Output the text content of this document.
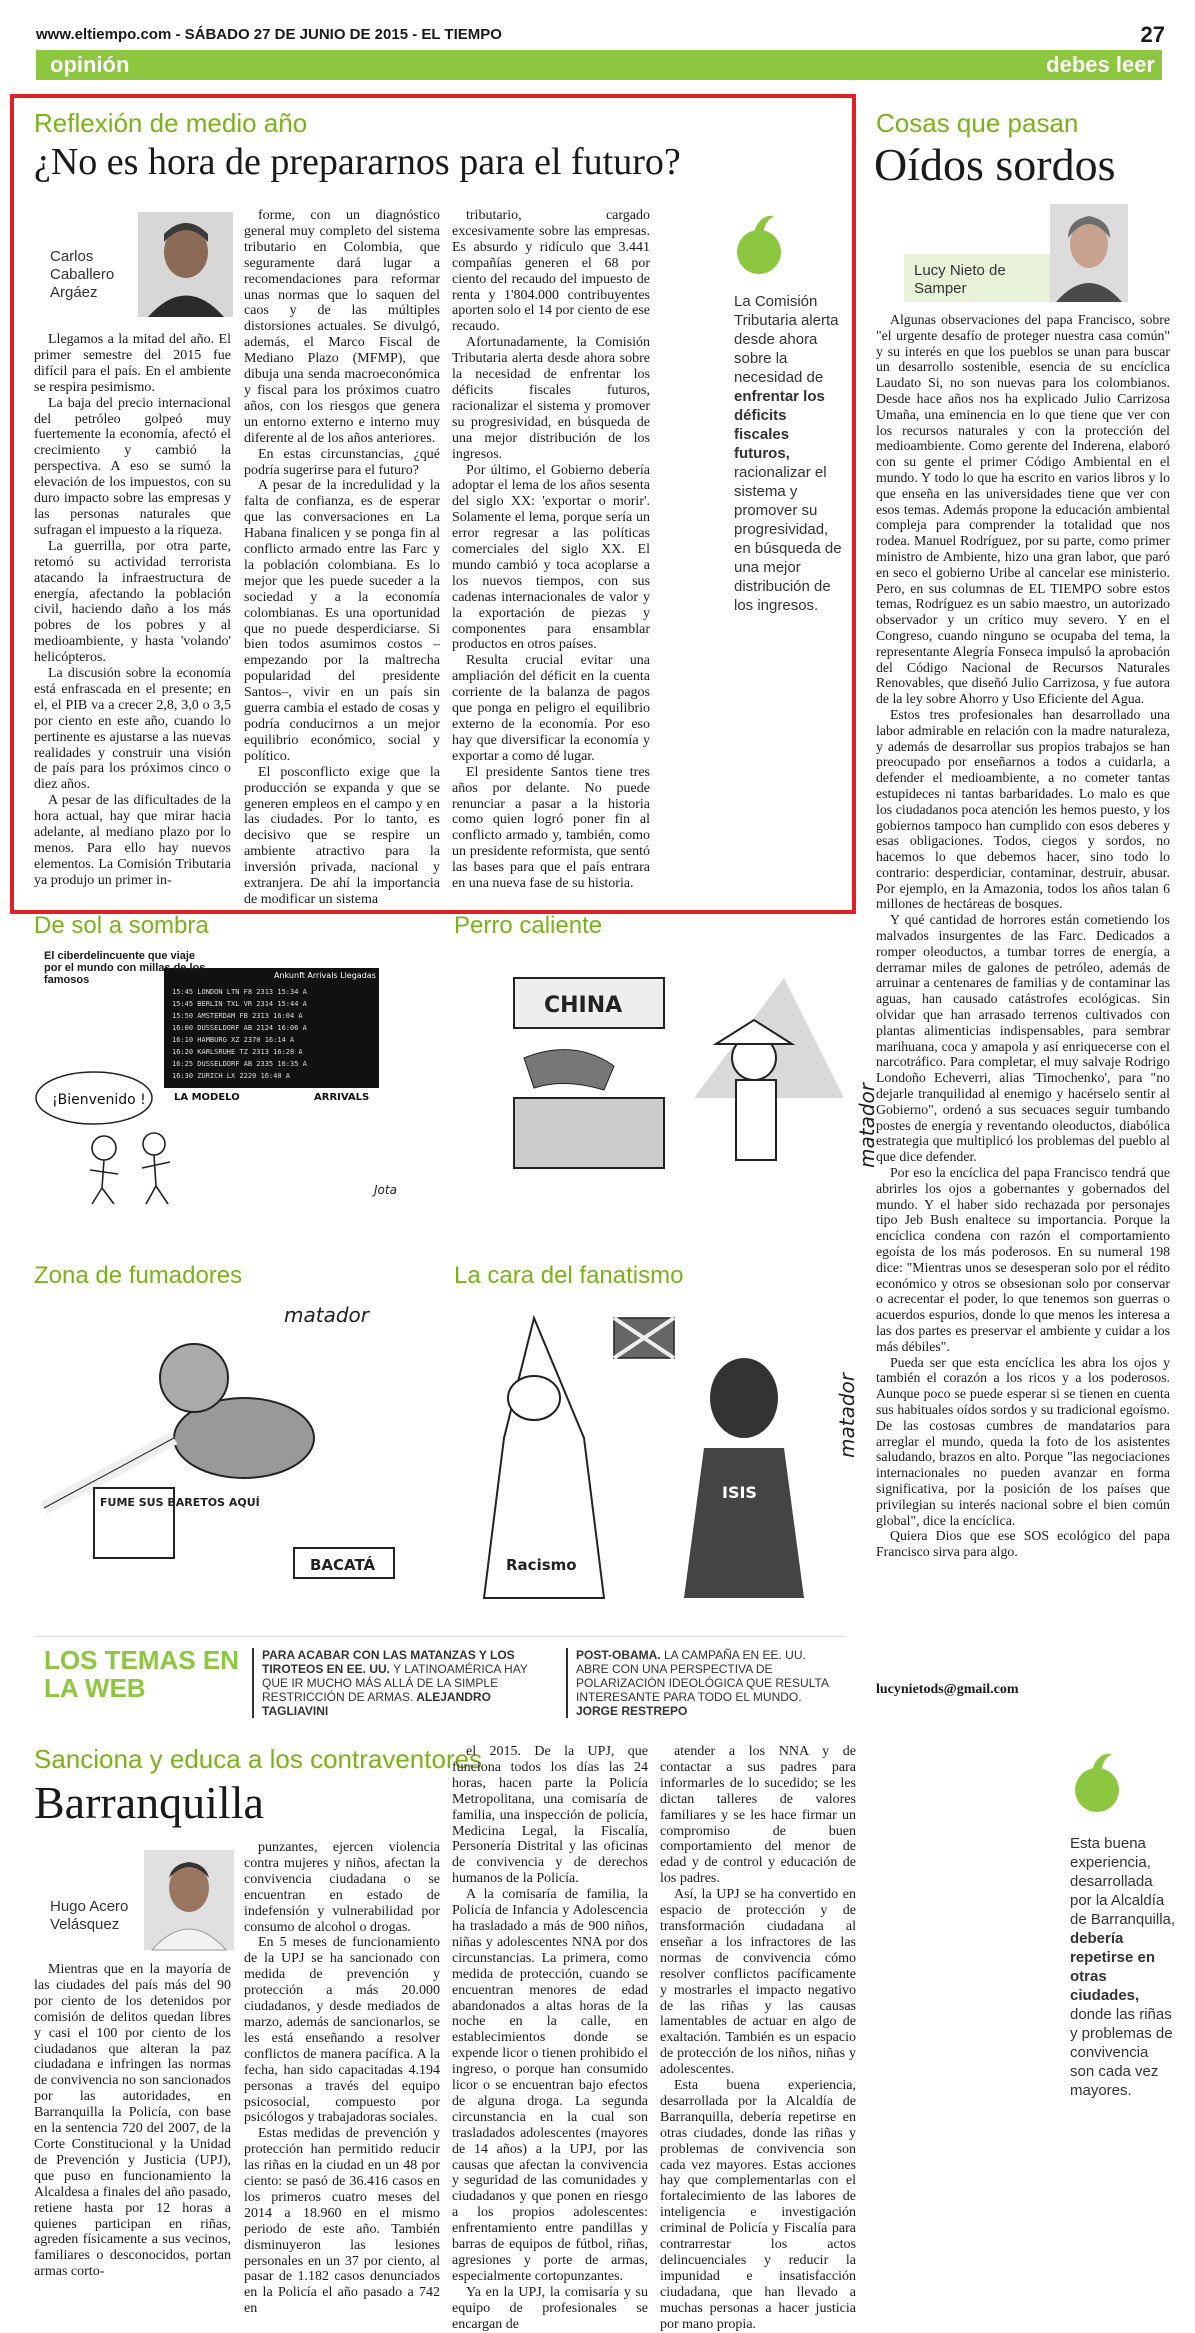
www.eltiempo.com - SÁBADO 27 DE JUNIO DE 2015 - EL TIEMPO	27
opinión	debes leer
Reflexión de medio año
¿No es hora de prepararnos para el futuro?
Carlos Caballero Argáez

Llegamos a la mitad del año. El primer semestre del 2015 fue difícil para el país. En el ambiente se respira pesimismo.

La baja del precio internacional del petróleo golpeó muy fuertemente la economía, afectó el crecimiento y cambió la perspectiva. A eso se sumó la elevación de los impuestos, con su duro impacto sobre las empresas y las personas naturales que sufragan el impuesto a la riqueza.

La guerrilla, por otra parte, retomó su actividad terrorista atacando la infraestructura de energía, afectando la población civil, haciendo daño a los más pobres de los pobres y al medioambiente, y hasta 'volando' helicópteros.

La discusión sobre la economía está enfrascada en el presente; en el, el PIB va a crecer 2,8, 3,0 o 3,5 por ciento en este año, cuando lo pertinente es ajustarse a las nuevas realidades y construir una visión de país para los próximos cinco o diez años.

A pesar de las dificultades de la hora actual, hay que mirar hacia adelante, al mediano plazo por lo menos. Para ello hay nuevos elementos. La Comisión Tributaria ya produjo un primer in-

forme, con un diagnóstico general muy completo del sistema tributario en Colombia, que seguramente dará lugar a recomendaciones para reformar unas normas que lo saquen del caos y de las múltiples distorsiones actuales. Se divulgó, además, el Marco Fiscal de Mediano Plazo (MFMP), que dibuja una senda macroeconómica y fiscal para los próximos cuatro años, con los riesgos que genera un entorno externo e interno muy diferente al de los años anteriores.

En estas circunstancias, ¿qué podría sugerirse para el futuro?

A pesar de la incredulidad y la falta de confianza, es de esperar que las conversaciones en La Habana finalicen y se ponga fin al conflicto armado entre las Farc y la población colombiana. Es lo mejor que les puede suceder a la sociedad y a la economía colombianas. Es una oportunidad que no puede desperdiciarse. Si bien todos asumimos costos –empezando por la maltrecha popularidad del presidente Santos–, vivir en un país sin guerra cambia el estado de cosas y podría conducirnos a un mejor equilibrio económico, social y político.

El posconflicto exige que la producción se expanda y que se generen empleos en el campo y en las ciudades. Por lo tanto, es decisivo que se respire un ambiente atractivo para la inversión privada, nacional y extranjera. De ahí la importancia de modificar un sistema

tributario, cargado excesivamente sobre las empresas. Es absurdo y ridículo que 3.441 compañías generen el 68 por ciento del recaudo del impuesto de renta y 1'804.000 contribuyentes aporten solo el 14 por ciento de ese recaudo.

Afortunadamente, la Comisión Tributaria alerta desde ahora sobre la necesidad de enfrentar los déficits fiscales futuros, racionalizar el sistema y promover su progresividad, en búsqueda de una mejor distribución de los ingresos.

Por último, el Gobierno debería adoptar el lema de los años sesenta del siglo XX: 'exportar o morir'. Solamente el lema, porque sería un error regresar a las políticas comerciales del siglo XX. El mundo cambió y toca acoplarse a los nuevos tiempos, con sus cadenas internacionales de valor y la exportación de piezas y componentes para ensamblar productos en otros países.

Resulta crucial evitar una ampliación del déficit en la cuenta corriente de la balanza de pagos que ponga en peligro el equilibrio externo de la economía. Por eso hay que diversificar la economía y exportar a como dé lugar.

El presidente Santos tiene tres años por delante. No puede renunciar a pasar a la historia como quien logró poner fin al conflicto armado y, también, como un presidente reformista, que sentó las bases para que el país entrara en una nueva fase de su historia.

La Comisión Tributaria alerta desde ahora sobre la necesidad de enfrentar los déficits fiscales futuros, racionalizar el sistema y promover su progresividad, en búsqueda de una mejor distribución de los ingresos.
Cosas que pasan
Oídos sordos
Lucy Nieto de Samper

Algunas observaciones del papa Francisco, sobre "el urgente desafío de proteger nuestra casa común" y su interés en que los pueblos se unan para buscar un desarrollo sostenible, esencia de su encíclica Laudato Si, no son nuevas para los colombianos. Desde hace años nos ha explicado Julio Carrizosa Umaña, una eminencia en lo que tiene que ver con los recursos naturales y con la protección del medioambiente. Como gerente del Inderena, elaboró con su gente el primer Código Ambiental en el mundo. Y todo lo que ha escrito en varios libros y lo que enseña en las universidades tiene que ver con esos temas. Además propone la educación ambiental compleja para comprender la totalidad que nos rodea. Manuel Rodríguez, por su parte, como primer ministro de Ambiente, hizo una gran labor, que paró en seco el gobierno Uribe al cancelar ese ministerio. Pero, en sus columnas de EL TIEMPO sobre estos temas, Rodríguez es un sabio maestro, un autorizado observador y un crítico muy severo. Y en el Congreso, cuando ninguno se ocupaba del tema, la representante Alegría Fonseca impulsó la aprobación del Código Nacional de Recursos Naturales Renovables, que diseñó Julio Carrizosa, y fue autora de la ley sobre Ahorro y Uso Eficiente del Agua.

Estos tres profesionales han desarrollado una labor admirable en relación con la madre naturaleza, y además de desarrollar sus propios trabajos se han preocupado por enseñarnos a todos a cuidarla, a defender el medioambiente, a no cometer tantas estupideces ni tantas barbaridades. Lo malo es que los ciudadanos poca atención les hemos puesto, y los gobiernos tampoco han cumplido con esos deberes y esas obligaciones. Todos, ciegos y sordos, no hacemos lo que debemos hacer, sino todo lo contrario: desperdiciar, contaminar, destruir, abusar. Por ejemplo, en la Amazonia, todos los años talan 6 millones de hectáreas de bosques.

Y qué cantidad de horrores están cometiendo los malvados insurgentes de las Farc. Dedicados a romper oleoductos, a tumbar torres de energía, a derramar miles de galones de petróleo, además de arruinar a centenares de familias y de contaminar las aguas, han causado catástrofes ecológicas. Sin olvidar que han arrasado terrenos cultivados con plantas alimenticias indispensables, para sembrar marihuana, coca y amapola y así enriquecerse con el narcotráfico. Para completar, el muy salvaje Rodrigo Londoño Echeverri, alias 'Timochenko', para "no dejarle tranquilidad al enemigo y hacérselo sentir al Gobierno", ordenó a sus secuaces seguir tumbando postes de energía y reventando oleoductos, diabólica estrategia que multiplicó los problemas del pueblo al que dice defender.

Por eso la encíclica del papa Francisco tendrá que abrirles los ojos a gobernantes y gobernados del mundo. Y el haber sido rechazada por personajes tipo Jeb Bush enaltece su importancia. Porque la encíclica condena con razón el comportamiento egoísta de los más poderosos. En su numeral 198 dice: "Mientras unos se desesperan solo por el rédito económico y otros se obsesionan solo por conservar o acrecentar el poder, lo que tenemos son guerras o acuerdos espurios, donde lo que menos les interesa a las dos partes es preservar el ambiente y cuidar a los más débiles".

Pueda ser que esta encíclica les abra los ojos y también el corazón a los ricos y a los poderosos. Aunque poco se puede esperar si se tienen en cuenta sus habituales oídos sordos y su tradicional egoísmo. De las costosas cumbres de mandatarios para arreglar el mundo, queda la foto de los asistentes saludando, brazos en alto. Porque "las negociaciones internacionales no pueden avanzar en forma significativa, por la posición de los países que privilegian su interés nacional sobre el bien común global", dice la encíclica.

Quiera Dios que ese SOS ecológico del papa Francisco sirva para algo.

lucynietods@gmail.com
De sol a sombra
15:45 LONDON LTN F8 2313 15:34 A
15:45 BERLIN TXL VR 2314 15:44 A
15:50 AMSTERDAM FB 2313 16:04 A
16:00 DUSSELDORF AB 2124 16:06 A
16:10 HAMBURG XZ 2370 16:14 A
16:20 KARLSRUHE TZ 2313 16:28 A
16:25 DUSSELDORF AB 2335 16:35 A
16:30 ZURICH LX 2220 16:40 A
Ankunft Arrivals Llegadas
LA MODELO	ARRIVALS
¡Bienvenido !
Jota
El ciberdelincuente que viaje por el mundo con millas de los famosos
Perro caliente
CHINA
matador
Zona de fumadores
matador
FUME SUS BARETOS AQUÍ
BACATÁ
La cara del fanatismo
Racismo
ISIS
matador
LOS TEMAS EN LA WEB
PARA ACABAR CON LAS MATANZAS Y LOS TIROTEOS EN EE. UU. Y LATINOAMÉRICA HAY QUE IR MUCHO MÁS ALLÁ DE LA SIMPLE RESTRICCIÓN DE ARMAS. ALEJANDRO TAGLIAVINI
POST-OBAMA. LA CAMPAÑA EN EE. UU. ABRE CON UNA PERSPECTIVA DE POLARIZACIÓN IDEOLÓGICA QUE RESULTA INTERESANTE PARA TODO EL MUNDO. JORGE RESTREPO
Sanciona y educa a los contraventores
Barranquilla
Hugo Acero Velásquez

Mientras que en la mayoría de las ciudades del país más del 90 por ciento de los detenidos por comisión de delitos quedan libres y casi el 100 por ciento de los ciudadanos que alteran la paz ciudadana e infringen las normas de convivencia no son sancionados por las autoridades, en Barranquilla la Policía, con base en la sentencia 720 del 2007, de la Corte Constitucional y la Unidad de Prevención y Justicia (UPJ), que puso en funcionamiento la Alcaldesa a finales del año pasado, retiene hasta por 12 horas a quienes participan en riñas, agreden físicamente a sus vecinos, familiares o desconocidos, portan armas corto-

punzantes, ejercen violencia contra mujeres y niños, afectan la convivencia ciudadana o se encuentran en estado de indefensión y vulnerabilidad por consumo de alcohol o drogas.

En 5 meses de funcionamiento de la UPJ se ha sancionado con medida de prevención y protección a más 20.000 ciudadanos, y desde mediados de marzo, además de sancionarlos, se les está enseñando a resolver conflictos de manera pacífica. A la fecha, han sido capacitadas 4.194 personas a través del equipo psicosocial, compuesto por psicólogos y trabajadoras sociales.

Estas medidas de prevención y protección han permitido reducir las riñas en la ciudad en un 48 por ciento: se pasó de 36.416 casos en los primeros cuatro meses del 2014 a 18.960 en el mismo periodo de este año. También disminuyeron las lesiones personales en un 37 por ciento, al pasar de 1.182 casos denunciados en la Policía el año pasado a 742 en

el 2015. De la UPJ, que funciona todos los días las 24 horas, hacen parte la Policía Metropolitana, una comisaría de familia, una inspección de policía, Medicina Legal, la Fiscalía, Personería Distrital y las oficinas de convivencia y de derechos humanos de la Policía.

A la comisaría de familia, la Policía de Infancia y Adolescencia ha trasladado a más de 900 niños, niñas y adolescentes NNA por dos circunstancias. La primera, como medida de protección, cuando se encuentran menores de edad abandonados a altas horas de la noche en la calle, en establecimientos donde se expende licor o tienen prohibido el ingreso, o porque han consumido licor o se encuentran bajo efectos de alguna droga. La segunda circunstancia en la cual son trasladados adolescentes (mayores de 14 años) a la UPJ, por las causas que afectan la convivencia y seguridad de las comunidades y ciudadanos y que ponen en riesgo a los propios adolescentes: enfrentamiento entre pandillas y barras de equipos de fútbol, riñas, agresiones y porte de armas, especialmente cortopunzantes.

Ya en la UPJ, la comisaría y su equipo de profesionales se encargan de

atender a los NNA y de contactar a sus padres para informarles de lo sucedido; se les dictan talleres de valores familiares y se les hace firmar un compromiso de buen comportamiento del menor de edad y de control y educación de los padres.

Así, la UPJ se ha convertido en espacio de protección y de transformación ciudadana al enseñar a los infractores de las normas de convivencia cómo resolver conflictos pacíficamente y mostrarles el impacto negativo de las riñas y las causas lamentables de actuar en algo de exaltación. También es un espacio de protección de los niños, niñas y adolescentes.

Esta buena experiencia, desarrollada por la Alcaldía de Barranquilla, debería repetirse en otras ciudades, donde las riñas y problemas de convivencia son cada vez mayores. Estas acciones hay que complementarlas con el fortalecimiento de las labores de inteligencia e investigación criminal de Policía y Fiscalía para contrarrestar los actos delincuenciales y reducir la impunidad e insatisfacción ciudadana, que han llevado a muchas personas a hacer justicia por mano propia.

Esta buena experiencia, desarrollada por la Alcaldía de Barranquilla, debería repetirse en otras ciudades, donde las riñas y problemas de convivencia son cada vez mayores.
